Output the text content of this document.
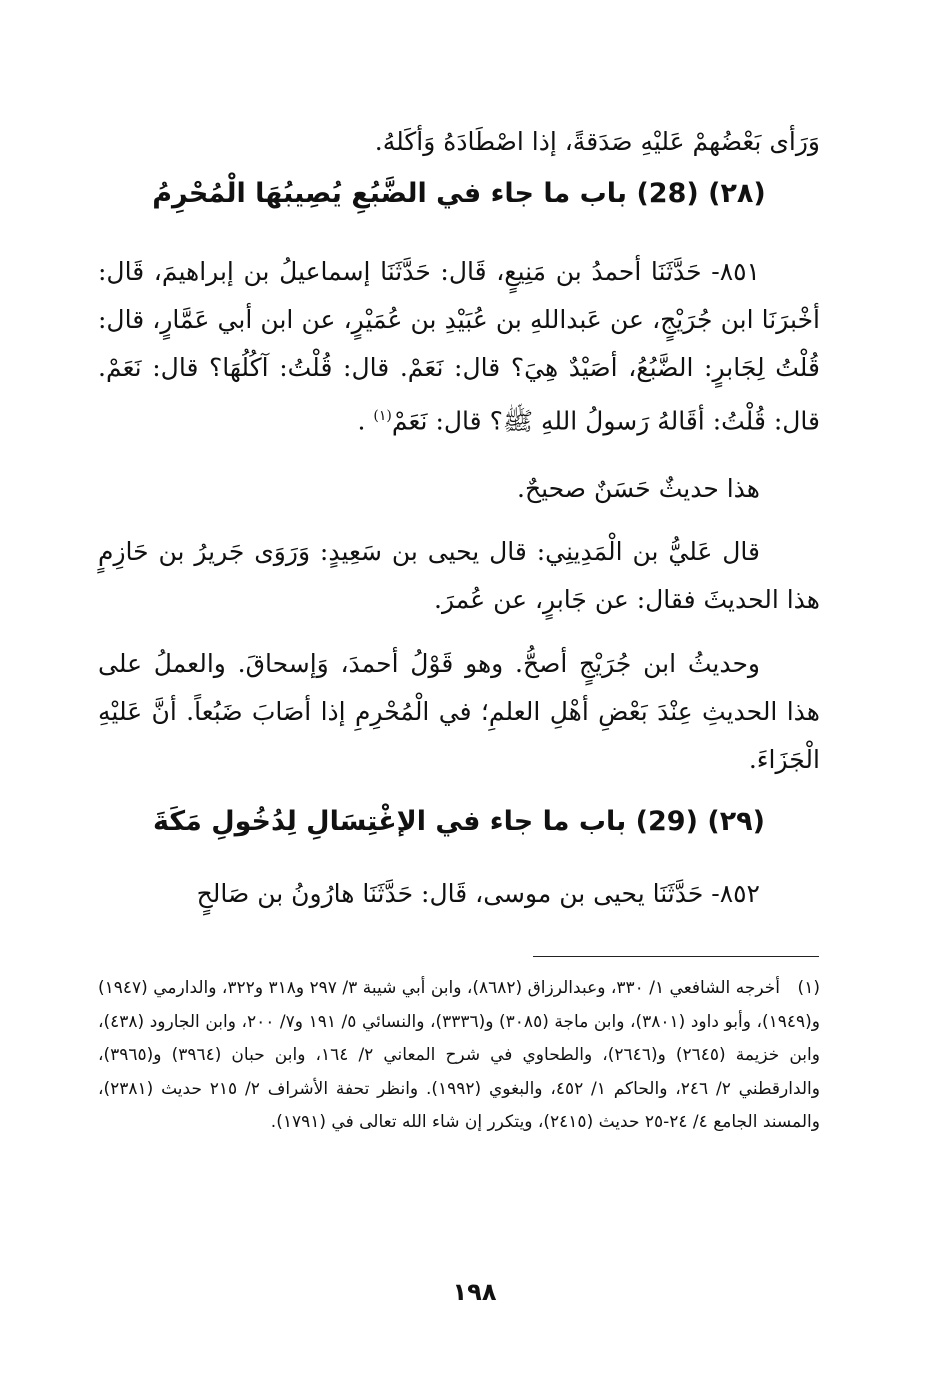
وَرَأى بَعْضُهمْ عَليْهِ صَدَقةً، إذا اصْطَادَهُ وَأكَلهُ.
(٢٨) (28) باب ما جاء في الضَّبُعِ يُصِيبُهَا الْمُحْرِمُ
٨٥١- حَدَّثَنَا أحمدُ بن مَنِيعٍ، قَال: حَدَّثَنَا إسماعيلُ بن إبراهيمَ، قَال: أخْبرَنَا ابن جُرَيْجٍ، عن عَبداللهِ بن عُبَيْدِ بن عُمَيْرٍ، عن ابن أبي عَمَّارٍ، قال: قُلْتُ لِجَابرٍ: الضَّبُعُ، أصَيْدٌ هِيَ؟ قال: نَعَمْ. قال: قُلْتُ: آكُلُهَا؟ قال: نَعَمْ. قال: قُلْتُ: أقَالهُ رَسولُ اللهِ ﷺ؟ قال: نَعَمْ$^{(١)}$ .
هذا حديثٌ حَسَنٌ صحيحٌ.
قال عَليُّ بن الْمَدِينِي: قال يحيى بن سَعِيدٍ: وَرَوَى جَريرُ بن حَازِمٍ هذا الحديثَ فقال: عن جَابرٍ، عن عُمرَ.
وحديثُ ابن جُرَيْجٍ أصحُّ. وهو قَوْلُ أحمدَ، وَإسحاقَ. والعملُ على هذا الحديثِ عِنْدَ بَعْضِ أهْلِ العلمِ؛ في الْمُحْرِمِ إذا أصَابَ ضَبُعاً. أنَّ عَليْهِ الْجَزَاءَ.
(٢٩) (29) باب ما جاء في الإغْتِسَالِ لِدُخُولِ مَكَةَ
٨٥٢- حَدَّثَنَا يحيى بن موسى، قَال: حَدَّثَنَا هارُونُ بن صَالحٍ
(١)أخرجه الشافعي ١/ ٣٣٠، وعبدالرزاق (٨٦٨٢)، وابن أبي شيبة ٣/ ٢٩٧ و٣١٨ و٣٢٢، والدارمي (١٩٤٧) و(١٩٤٩)، وأبو داود (٣٨٠١)، وابن ماجة (٣٠٨٥) و(٣٣٣٦)، والنسائي ٥/ ١٩١ و٧/ ٢٠٠، وابن الجارود (٤٣٨)، وابن خزيمة (٢٦٤٥) و(٢٦٤٦)، والطحاوي في شرح المعاني ٢/ ١٦٤، وابن حبان (٣٩٦٤) و(٣٩٦٥)، والدارقطني ٢/ ٢٤٦، والحاكم ١/ ٤٥٢، والبغوي (١٩٩٢). وانظر تحفة الأشراف ٢/ ٢١٥ حديث (٢٣٨١)، والمسند الجامع ٤/ ٢٤-٢٥ حديث (٢٤١٥)، ويتكرر إن شاء الله تعالى في (١٧٩١).
١٩٨
